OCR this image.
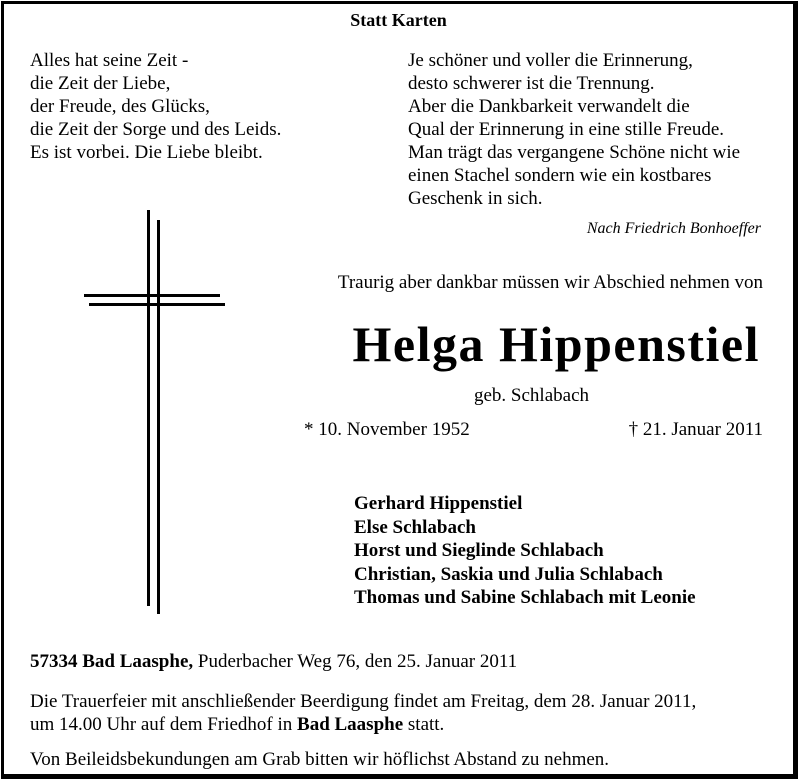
Statt Karten
Alles hat seine Zeit -
die Zeit der Liebe,
der Freude, des Glücks,
die Zeit der Sorge und des Leids.
Es ist vorbei. Die Liebe bleibt.
Je schöner und voller die Erinnerung,
desto schwerer ist die Trennung.
Aber die Dankbarkeit verwandelt die
Qual der Erinnerung in eine stille Freude.
Man trägt das vergangene Schöne nicht wie
einen Stachel sondern wie ein kostbares
Geschenk in sich.
Nach Friedrich Bonhoeffer
Traurig aber dankbar müssen wir Abschied nehmen von
Helga Hippenstiel
geb. Schlabach
* 10. November 1952	† 21. Januar 2011
Gerhard Hippenstiel
Else Schlabach
Horst und Sieglinde Schlabach
Christian, Saskia und Julia Schlabach
Thomas und Sabine Schlabach mit Leonie
57334 Bad Laasphe, Puderbacher Weg 76, den 25. Januar 2011
Die Trauerfeier mit anschließender Beerdigung findet am Freitag, dem 28. Januar 2011,
um 14.00 Uhr auf dem Friedhof in Bad Laasphe statt.
Von Beileidsbekundungen am Grab bitten wir höflichst Abstand zu nehmen.
